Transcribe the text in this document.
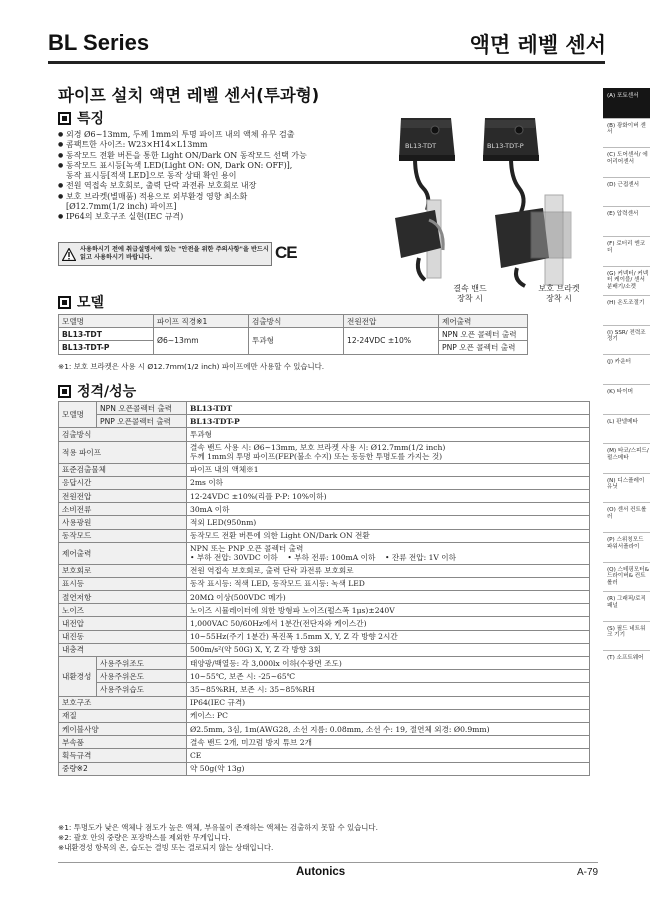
BL Series	액면 레벨 센서
(A) 포토센서
(B) 광화이버 센서
(C) 도어센서/ 에어리어센서
(D) 근접센서
(E) 압력센서
(F) 로터리 엔코더
(G) 커넥터/ 커넥터 케이블/ 센서분배기/소켓
(H) 온도조절기
(I) SSR/ 전력조정기
(J) 카운터
(K) 타이머
(L) 판넬메타
(M) 타코/스피드/ 펄스메타
(N) 디스플레이 유닛
(O) 센서 컨트롤러
(P) 스위칭모드 파워서플라이
(Q) 스테핑모터& 드라이버& 컨트롤러
(R) 그래픽/로직 패널
(S) 필드 네트워크 기기
(T) 소프트웨어
파이프 설치 액면 레벨 센서(투과형)
특징
● 외경 Ø6~13mm, 두께 1mm의 투명 파이프 내의 액체 유무 검출
● 콤팩트한 사이즈: W23×H14×L13mm
● 동작모드 전환 버튼을 통한 Light ON/Dark ON 동작모드 선택 가능
● 동작모드 표시등[녹색 LED(Light ON: ON, Dark ON: OFF)],
동작 표시등[적색 LED]으로 동작 상태 확인 용이
● 전원 역접속 보호회로, 출력 단락 과전류 보호회로 내장
● 보호 브라켓(별매품) 적용으로 외부환경 영향 최소화
[Ø12.7mm(1/2 inch) 파이프]
● IP64의 보호구조 실현(IEC 규격)
사용하시기 전에 취급설명서에 있는 "안전을 위한 주의사항"을 반드시 읽고 사용하시기 바랍니다.	CE
BL13-TDT	BL13-TDT-P
결속 밴드
장착 시
보호 브라켓
장착 시
모델
모델명	파이프 직경※1	검출방식	전원전압	제어출력
BL13-TDT	Ø6~13mm	투과형	12-24VDC ±10%	NPN 오픈 콜렉터 출력
BL13-TDT-P				PNP 오픈 콜렉터 출력
※1: 보호 브라켓은 사용 시 Ø12.7mm(1/2 inch) 파이프에만 사용할 수 있습니다.
정격/성능
모델명	NPN 오픈콜렉터 출력	BL13-TDT
	PNP 오픈콜렉터 출력	BL13-TDT-P
검출방식		투과형
적용 파이프		결속 밴드 사용 시: Ø6~13mm, 보호 브라켓 사용 시: Ø12.7mm(1/2 inch)
두께 1mm의 투명 파이프(FEP(불소 수지) 또는 동등한 투명도를 가지는 것)
표준검출물체		파이프 내의 액체※1
응답시간		2ms 이하
전원전압		12-24VDC ±10%(리플 P-P: 10%이하)
소비전류		30mA 이하
사용광원		적외 LED(950nm)
동작모드		동작모드 전환 버튼에 의한 Light ON/Dark ON 전환
제어출력		NPN 또는 PNP 오픈 콜렉터 출력
• 부하 전압: 30VDC 이하    • 부하 전류: 100mA 이하    • 잔류 전압: 1V 이하
보호회로		전원 역접속 보호회로, 출력 단락 과전류 보호회로
표시등		동작 표시등: 적색 LED, 동작모드 표시등: 녹색 LED
절연저항		20MΩ 이상(500VDC 메가)
노이즈		노이즈 시뮬레이터에 의한 방형파 노이즈(펄스폭 1μs)±240V
내전압		1,000VAC 50/60Hz에서 1분간(전단자와 케이스간)
내진동		10~55Hz(주기 1분간) 복진폭 1.5mm X, Y, Z 각 방향 2시간
내충격		500m/s²(약 50G) X, Y, Z 각 방향 3회
내환경성	사용주위조도	태양광/백열등: 각 3,000lx 이하(수광면 조도)
	사용주위온도	10~55℃, 보존 시: -25~65℃
	사용주위습도	35~85%RH, 보존 시: 35~85%RH
보호구조		IP64(IEC 규격)
재질		케이스: PC
케이블사양		Ø2.5mm, 3심, 1m(AWG28, 소선 지름: 0.08mm, 소선 수: 19, 절연체 외경: Ø0.9mm)
부속품		결속 밴드 2개, 미끄럼 방지 튜브 2개
획득규격		CE
중량※2		약 50g(약 13g)
※1: 투명도가 낮은 액체나 점도가 높은 액체, 부유물이 존재하는 액체는 검출하지 못할 수 있습니다.
※2: 괄호 안의 중량은 포장박스를 제외한 무게입니다.
※내환경성 항목의 온, 습도는 결빙 또는 결로되지 않는 상태입니다.
Autonics	A-79
